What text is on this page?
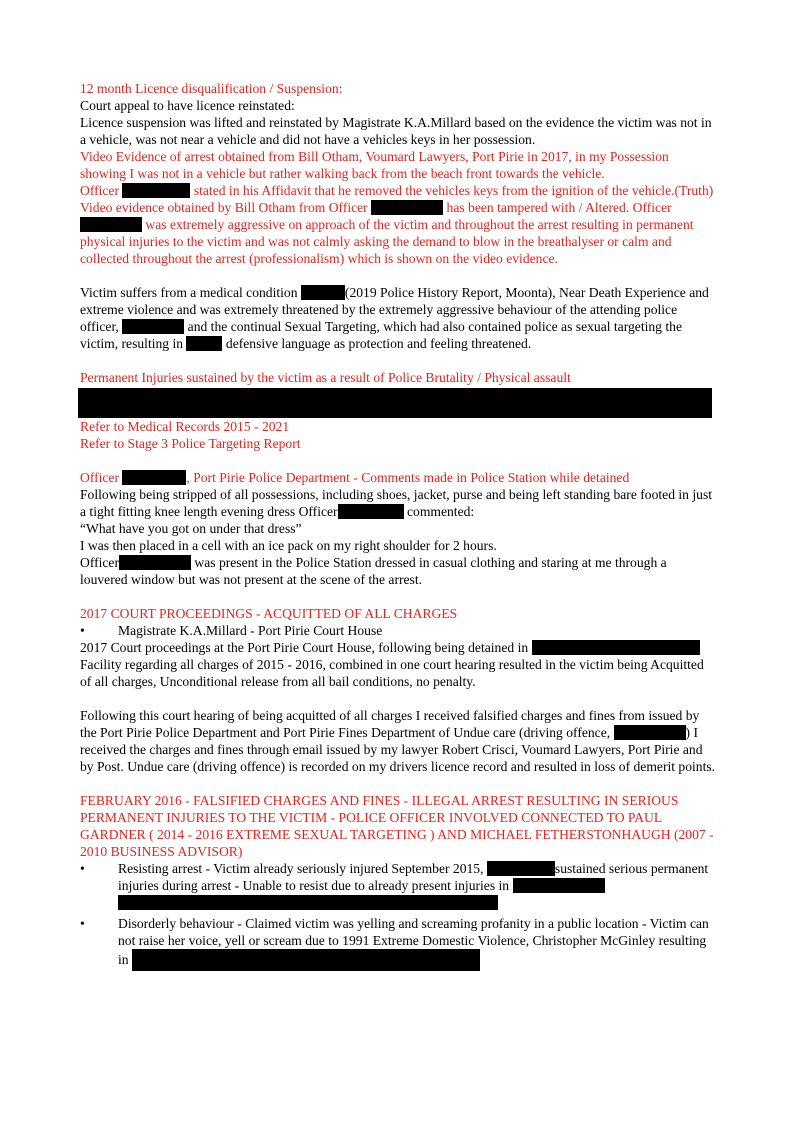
12 month Licence disqualification / Suspension:

Court appeal to have licence reinstated:

Licence suspension was lifted and reinstated by Magistrate K.A.Millard based on the evidence the victim was not in a vehicle, was not near a vehicle and did not have a vehicles keys in her possession.

Video Evidence of arrest obtained from Bill Otham, Voumard Lawyers, Port Pirie in 2017, in my Possession showing I was not in a vehicle but rather walking back from the beach front towards the vehicle.

Officer	stated in his Affidavit that he removed the vehicles keys from the ignition of the vehicle.(Truth)

Video evidence obtained by Bill Otham from Officer	has been tampered with / Altered. Officer  was extremely aggressive on approach of the victim and throughout the arrest resulting in permanent physical injuries to the victim and was not calmly asking the demand to blow in the breathalyser or calm and collected throughout the arrest (professionalism) which is shown on the video evidence.

Victim suffers from a medical condition	(2019 Police History Report, Moonta), Near Death Experience and extreme violence and was extremely threatened by the extremely aggressive behaviour of the attending police officer,	and the continual Sexual Targeting, which had also contained police as sexual targeting the victim, resulting in	defensive language as protection and feeling threatened.

Permanent Injuries sustained by the victim as a result of Police Brutality / Physical assault

Refer to Medical Records 2015 - 2021

Refer to Stage 3 Police Targeting Report

Officer	, Port Pirie Police Department - Comments made in Police Station while detained

Following being stripped of all possessions, including shoes, jacket, purse and being left standing bare footed in just a tight fitting knee length evening dress Officer	commented:

“What have you got on under that dress”

I was then placed in a cell with an ice pack on my right shoulder for 2 hours.

Officer	was present in the Police Station dressed in casual clothing and staring at me through a louvered window but was not present at the scene of the arrest.

2017 COURT PROCEEDINGS - ACQUITTED OF ALL CHARGES

• Magistrate K.A.Millard - Port Pirie Court House

2017 Court proceedings at the Port Pirie Court House, following being detained in  Facility regarding all charges of 2015 - 2016, combined in one court hearing resulted in the victim being Acquitted of all charges, Unconditional release from all bail conditions, no penalty.

Following this court hearing of being acquitted of all charges I received falsified charges and fines from issued by the Port Pirie Police Department and Port Pirie Fines Department of Undue care (driving offence,	) I received the charges and fines through email issued by my lawyer Robert Crisci, Voumard Lawyers, Port Pirie and by Post. Undue care (driving offence) is recorded on my drivers licence record and resulted in loss of demerit points.

FEBRUARY 2016 - FALSIFIED CHARGES AND FINES - ILLEGAL ARREST RESULTING IN SERIOUS PERMANENT INJURIES TO THE VICTIM - POLICE OFFICER INVOLVED CONNECTED TO PAUL GARDNER ( 2014 - 2016 EXTREME SEXUAL TARGETING ) AND MICHAEL FETHERSTONHAUGH (2007 - 2010 BUSINESS ADVISOR)

• Resisting arrest - Victim already seriously injured September 2015,	sustained serious permanent injuries during arrest - Unable to resist due to already present injuries in
• Disorderly behaviour - Claimed victim was yelling and screaming profanity in a public location - Victim can not raise her voice, yell or scream due to 1991 Extreme Domestic Violence, Christopher McGinley resulting in
